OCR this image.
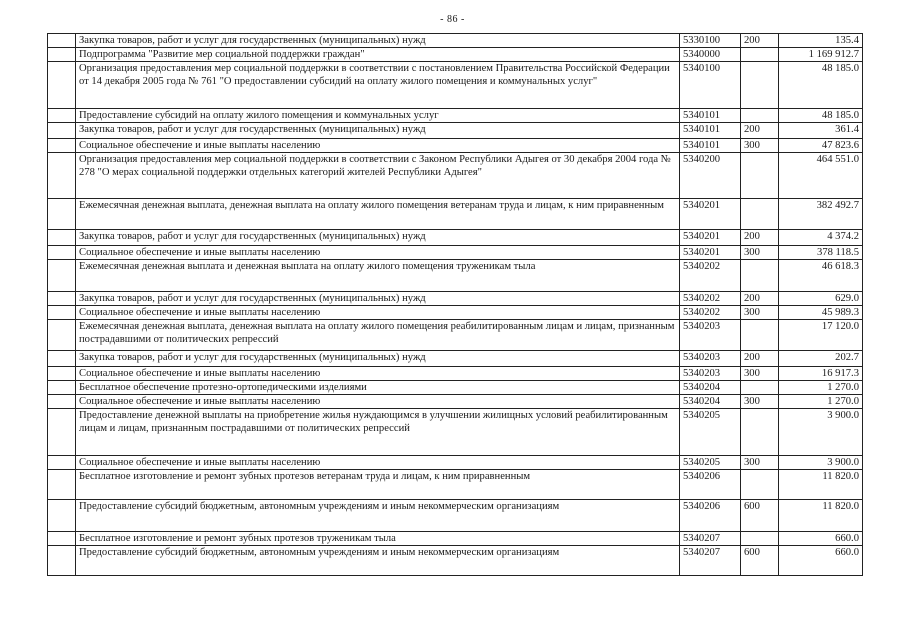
- 86 -
	Закупка товаров, работ и услуг для государственных (муниципальных) нужд	5330100	200	135.4
	Подпрограмма "Развитие мер социальной поддержки граждан"	5340000		1 169 912.7
	Организация предоставления мер социальной поддержки в соответствии с постановлением Правительства Российской Федерации от 14 декабря 2005 года № 761 "О предоставлении субсидий на оплату жилого помещения и коммунальных услуг"	5340100		48 185.0
	Предоставление субсидий на оплату жилого помещения и коммунальных услуг	5340101		48 185.0
	Закупка товаров, работ и услуг для государственных (муниципальных) нужд	5340101	200	361.4
	Социальное обеспечение и иные выплаты населению	5340101	300	47 823.6
	Организация предоставления мер социальной поддержки в соответствии с Законом Республики Адыгея от 30 декабря 2004 года № 278 "О мерах социальной поддержки отдельных категорий жителей Республики Адыгея"	5340200		464 551.0
	Ежемесячная денежная выплата, денежная выплата на оплату жилого помещения ветеранам труда и лицам, к ним приравненным	5340201		382 492.7
	Закупка товаров, работ и услуг для государственных (муниципальных) нужд	5340201	200	4 374.2
	Социальное обеспечение и иные выплаты населению	5340201	300	378 118.5
	Ежемесячная денежная выплата и денежная выплата на оплату жилого помещения труженикам тыла	5340202		46 618.3
	Закупка товаров, работ и услуг для государственных (муниципальных) нужд	5340202	200	629.0
	Социальное обеспечение и иные выплаты населению	5340202	300	45 989.3
	Ежемесячная денежная выплата, денежная выплата на оплату жилого помещения реабилитированным лицам и лицам, признанным пострадавшими от политических репрессий	5340203		17 120.0
	Закупка товаров, работ и услуг для государственных (муниципальных) нужд	5340203	200	202.7
	Социальное обеспечение и иные выплаты населению	5340203	300	16 917.3
	Бесплатное обеспечение протезно-ортопедическими изделиями	5340204		1 270.0
	Социальное обеспечение и иные выплаты населению	5340204	300	1 270.0
	Предоставление денежной выплаты на приобретение жилья нуждающимся в улучшении жилищных условий реабилитированным лицам и лицам, признанным пострадавшими от политических репрессий	5340205		3 900.0
	Социальное обеспечение и иные выплаты населению	5340205	300	3 900.0
	Бесплатное изготовление и ремонт зубных протезов ветеранам труда и лицам, к ним приравненным	5340206		11 820.0
	Предоставление субсидий бюджетным, автономным учреждениям и иным некоммерческим организациям	5340206	600	11 820.0
	Бесплатное изготовление и ремонт зубных протезов труженикам тыла	5340207		660.0
	Предоставление субсидий бюджетным, автономным учреждениям и иным некоммерческим организациям	5340207	600	660.0
